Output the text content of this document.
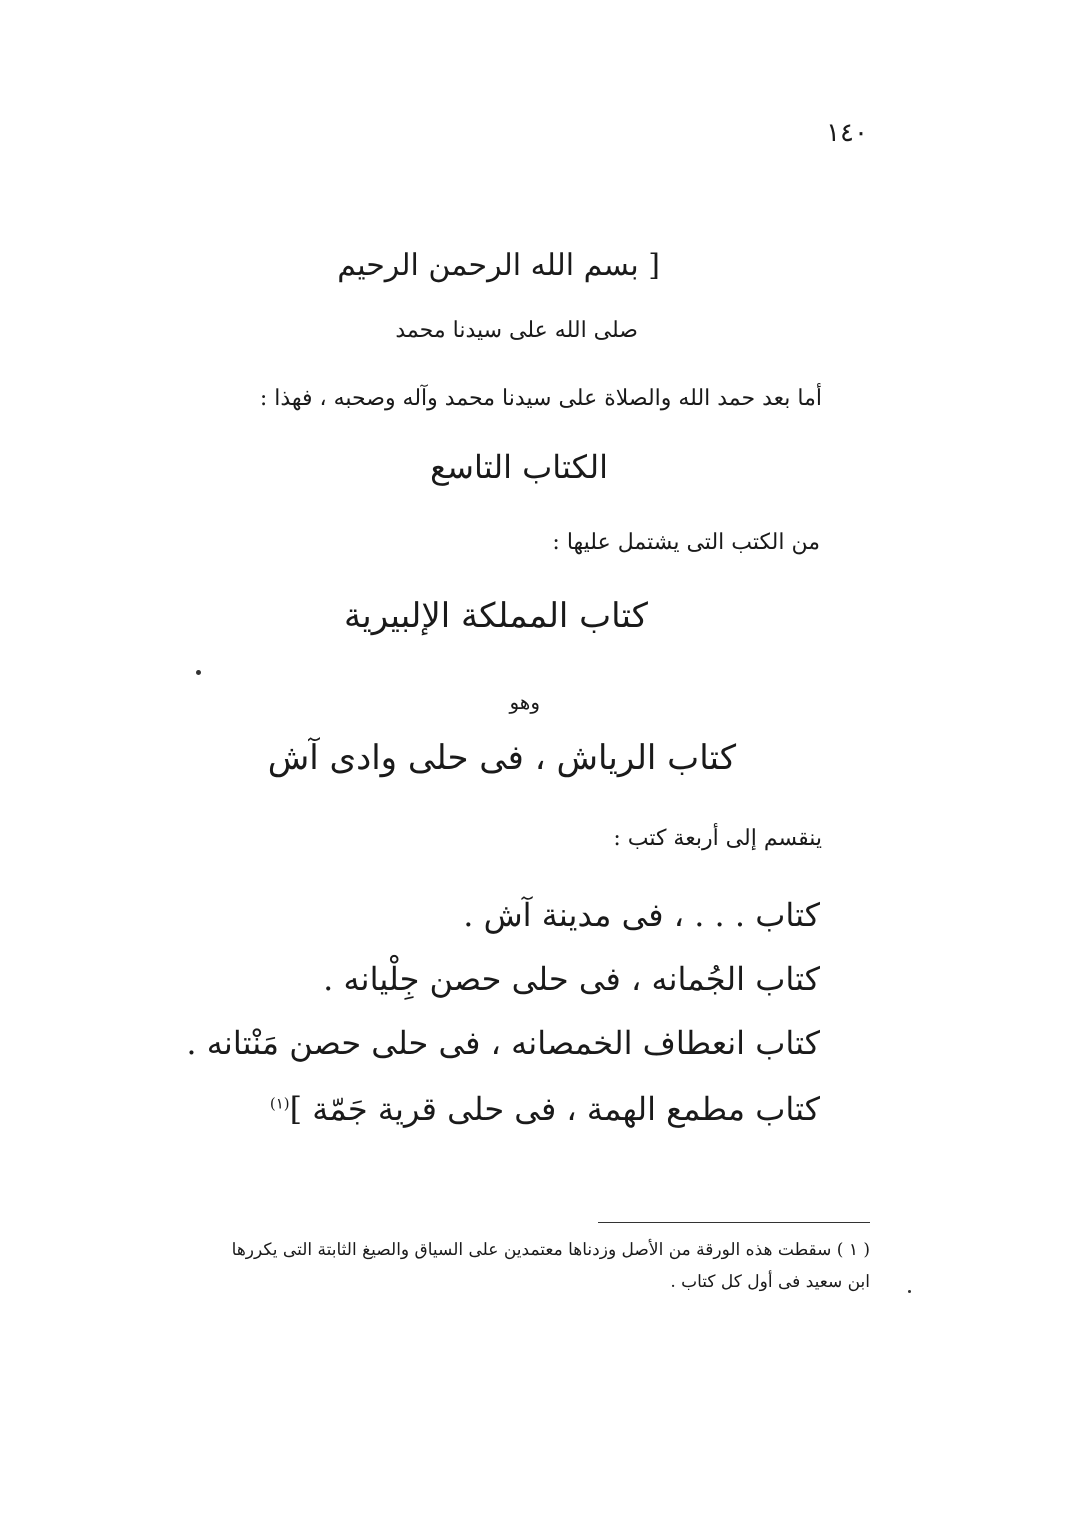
١٤٠
[ بسم الله الرحمن الرحيم
صلى الله على سيدنا محمد
أما بعد حمد الله والصلاة على سيدنا محمد وآله وصحبه ، فهذا :
الكتاب التاسع
من الكتب التى يشتمل عليها :
كتاب المملكة الإلبيرية
وهو
كتاب الرياش ، فى حلى وادى آش
ينقسم إلى أربعة كتب :
كتاب . . . ، فى مدينة آش .
كتاب الجُمانه ، فى حلى حصن جِلْيانه .
كتاب انعطاف الخمصانه ، فى حلى حصن مَنْتانه .
كتاب مطمع الهمة ، فى حلى قرية جَمّة ]$^{(١)}$
( ١ ) سقطت هذه الورقة من الأصل وزدناها معتمدين على السياق والصيغ الثابتة التى يكررها
ابن سعيد فى أول كل كتاب .
